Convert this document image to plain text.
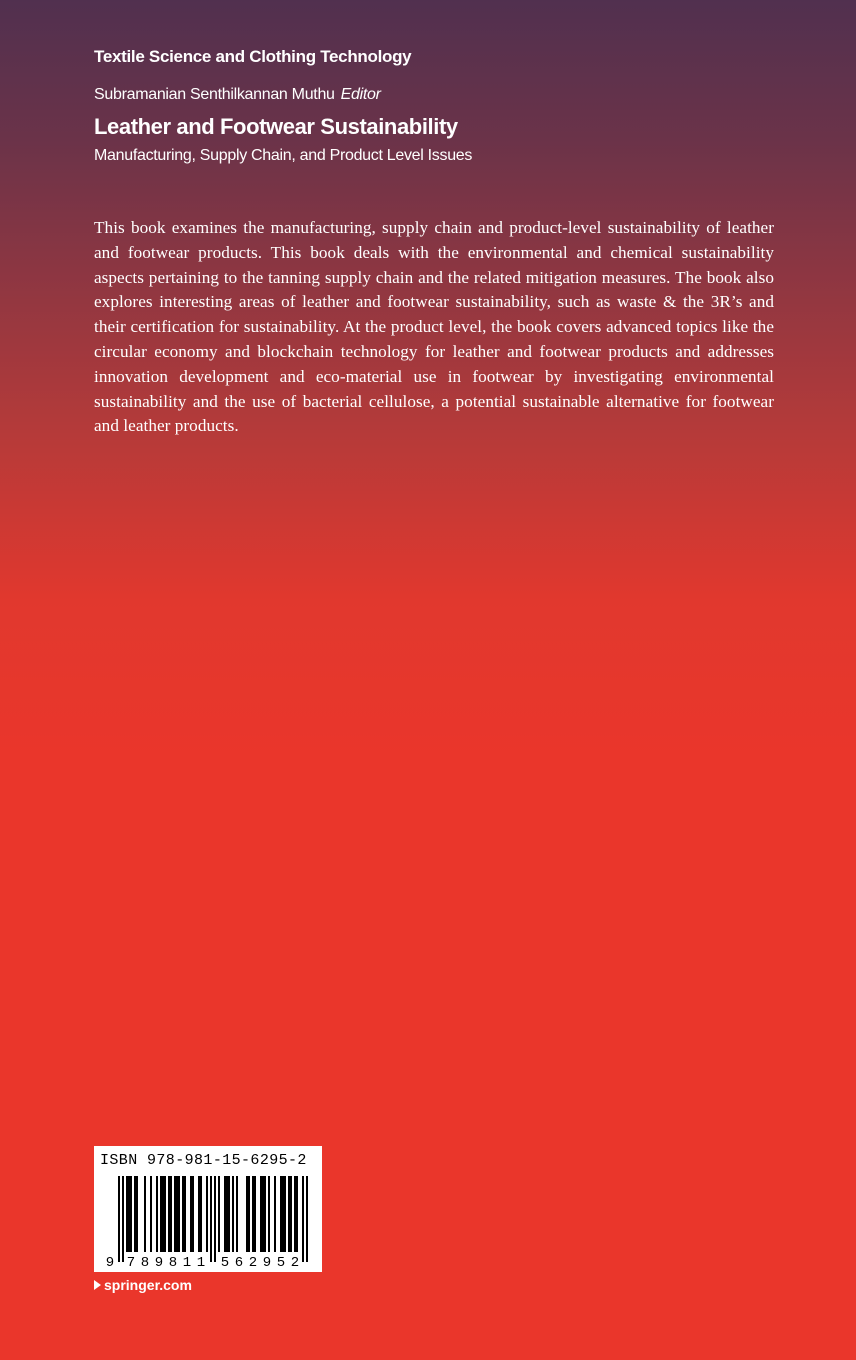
Textile Science and Clothing Technology
Subramanian Senthilkannan Muthu Editor
Leather and Footwear Sustainability
Manufacturing, Supply Chain, and Product Level Issues

This book examines the manufacturing, supply chain and product-level sustainability of leather and footwear products. This book deals with the environmental and chemical sustainability aspects pertaining to the tanning supply chain and the related mitigation measures. The book also explores interesting areas of leather and footwear sustainability, such as waste & the 3R’s and their certification for sustainability. At the product level, the book covers advanced topics like the circular economy and blockchain technology for leather and footwear products and addresses innovation development and eco-material use in footwear by investigating environmental sustainability and the use of bacterial cellulose, a potential sustainable alternative for footwear and leather products.

ISBN 978-981-15-6295-2
9 7 8 9 8 1 1 5 6 2 9 5 2
springer.com
